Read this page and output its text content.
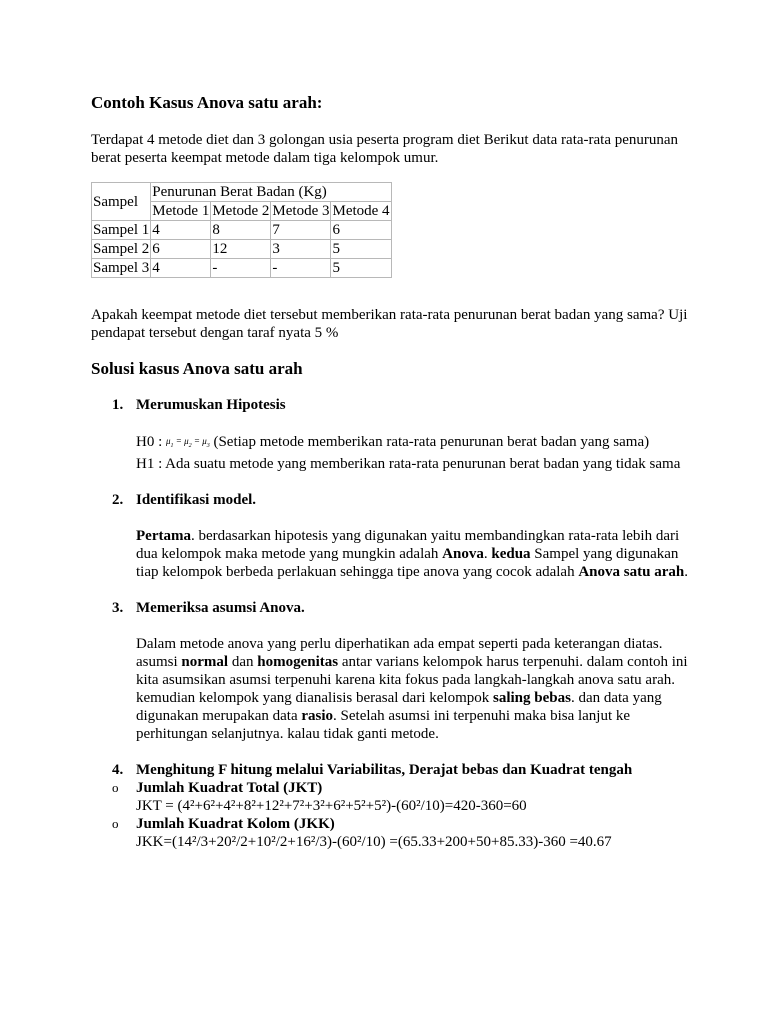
Contoh Kasus Anova satu arah:

Terdapat 4 metode diet dan 3 golongan usia peserta program diet Berikut data rata-rata penurunan berat peserta keempat metode dalam tiga kelompok umur.

Sampel	Penurunan Berat Badan (Kg)			
	Metode 1	Metode 2	Metode 3	Metode 4
Sampel 1	4	8	7	6
Sampel 2	6	12	3	5
Sampel 3	4	-	-	5

Apakah keempat metode diet tersebut memberikan rata-rata penurunan berat badan yang sama? Uji pendapat tersebut dengan taraf nyata 5 %

Solusi kasus Anova satu arah
1. Merumuskan Hipotesis
H0 : $\mu_1 = \mu_2 = \mu_3$ (Setiap metode memberikan rata-rata penurunan berat badan yang sama)
H1 : Ada suatu metode yang memberikan rata-rata penurunan berat badan yang tidak sama
2. Identifikasi model.
Pertama. berdasarkan hipotesis yang digunakan yaitu membandingkan rata-rata lebih dari dua kelompok maka metode yang mungkin adalah Anova. kedua Sampel yang digunakan tiap kelompok berbeda perlakuan sehingga tipe anova yang cocok adalah Anova satu arah.
3. Memeriksa asumsi Anova.
Dalam metode anova yang perlu diperhatikan ada empat seperti pada keterangan diatas. asumsi normal dan homogenitas antar varians kelompok harus terpenuhi. dalam contoh ini kita asumsikan asumsi terpenuhi karena kita fokus pada langkah-langkah anova satu arah. kemudian kelompok yang dianalisis berasal dari kelompok saling bebas. dan data yang digunakan merupakan data rasio. Setelah asumsi ini terpenuhi maka bisa lanjut ke perhitungan selanjutnya. kalau tidak ganti metode.
4. Menghitung F hitung melalui Variabilitas, Derajat bebas dan Kuadrat tengah
o Jumlah Kuadrat Total (JKT)
JKT = (4²+6²+4²+8²+12²+7²+3²+6²+5²+5²)-(60²/10)=420-360=60
o Jumlah Kuadrat Kolom (JKK)
JKK=(14²/3+20²/2+10²/2+16²/3)-(60²/10) =(65.33+200+50+85.33)-360 =40.67
